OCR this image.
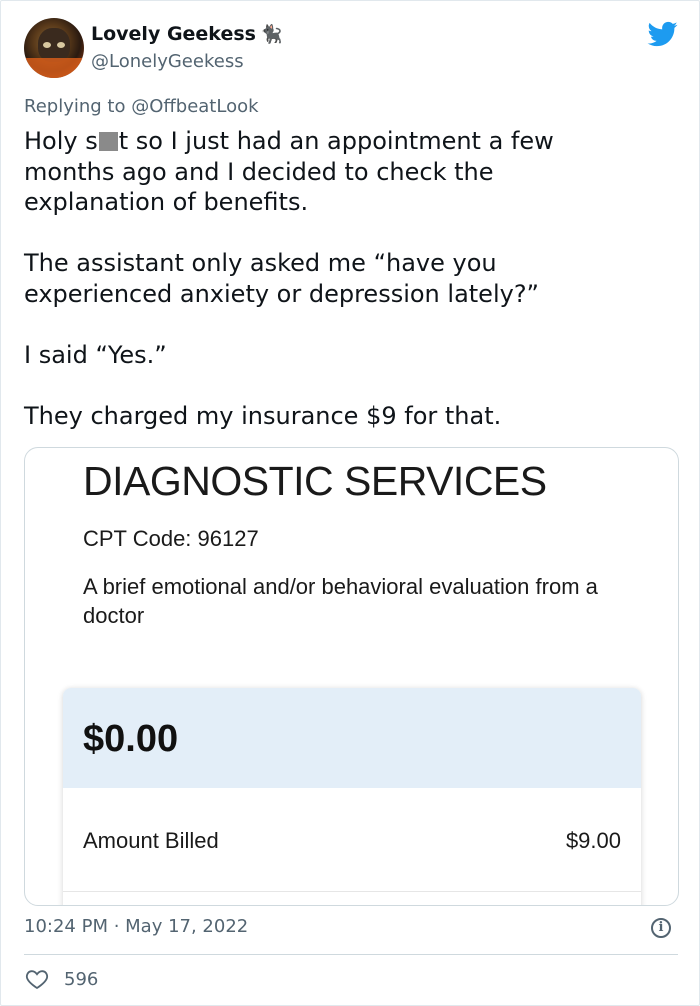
Lovely Geekess 🐈‍⬛
@LonelyGeekess
Replying to @OffbeatLook
Holy s t so I just had an appointment a few
months ago and I decided to check the
explanation of benefits.

The assistant only asked me “have you
experienced anxiety or depression lately?”

I said “Yes.”

They charged my insurance $9 for that.
DIAGNOSTIC SERVICES
CPT Code: 96127
A brief emotional and/or behavioral evaluation from a doctor
$0.00
Amount Billed	$9.00
10:24 PM · May 17, 2022	i
596
